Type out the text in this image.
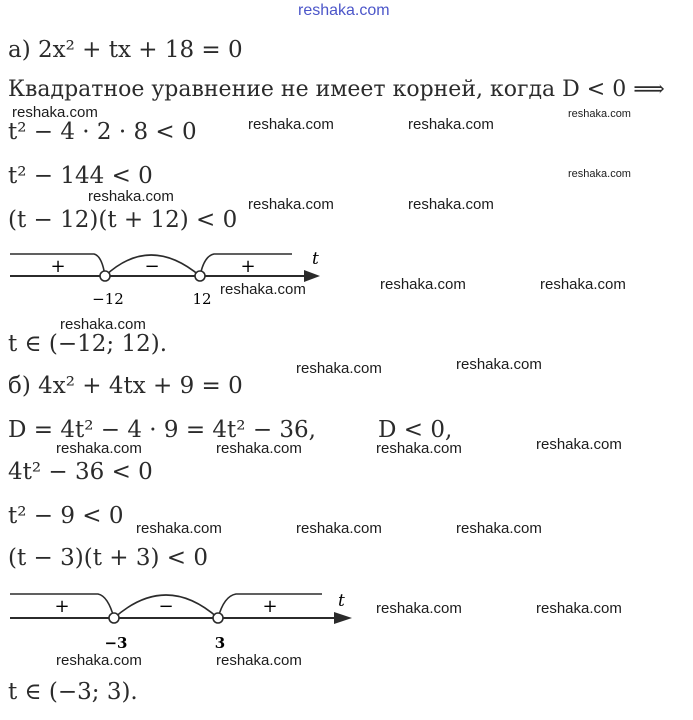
reshaka.com
а) 2x² + tx + 18 = 0
Квадратное уравнение не имеет корней, когда D < 0 ⟹
t² − 4 · 2 · 8 < 0
t² − 144 < 0
(t − 12)(t + 12) < 0
+	−	+	t
−12	12
t ∈ (−12; 12).
б) 4x² + 4tx + 9 = 0
D = 4t² − 4 · 9 = 4t² − 36,	D < 0,
4t² − 36 < 0
t² − 9 < 0
(t − 3)(t + 3) < 0
+	−	+	t
−3	3
t ∈ (−3; 3).
reshaka.com
reshaka.com	reshaka.com
reshaka.com
reshaka.com
reshaka.com	reshaka.com	reshaka.com
reshaka.com	reshaka.com	reshaka.com
reshaka.com
reshaka.com	reshaka.com
reshaka.com	reshaka.com	reshaka.com	reshaka.com
reshaka.com	reshaka.com	reshaka.com
reshaka.com	reshaka.com
reshaka.com	reshaka.com
